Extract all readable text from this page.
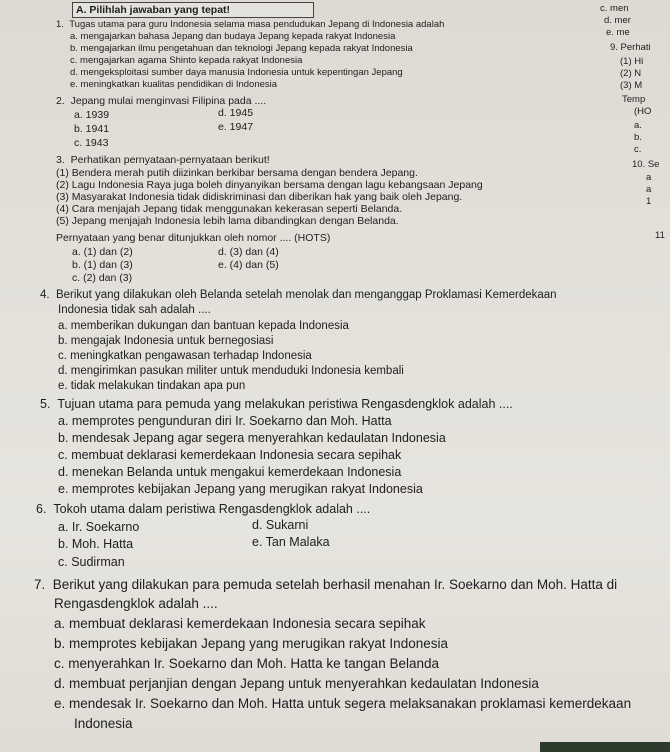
A. Pilihlah jawaban yang tepat!	c. men
d. mer
e. me
9. Perhati
(1) Hi
(2) N
(3) M
Temp
(HO
a.
b.
c.
10. Se
a
a
1
11
1. Tugas utama para guru Indonesia selama masa pendudukan Jepang di Indonesia adalah
a. mengajarkan bahasa Jepang dan budaya Jepang kepada rakyat Indonesia
b. mengajarkan ilmu pengetahuan dan teknologi Jepang kepada rakyat Indonesia
c. mengajarkan agama Shinto kepada rakyat Indonesia
d. mengeksploitasi sumber daya manusia Indonesia untuk kepentingan Jepang
e. meningkatkan kualitas pendidikan di Indonesia
2. Jepang mulai menginvasi Filipina pada ....
a. 1939	d. 1945
b. 1941	e. 1947
c. 1943
3. Perhatikan pernyataan-pernyataan berikut!
(1) Bendera merah putih diizinkan berkibar bersama dengan bendera Jepang.
(2) Lagu Indonesia Raya juga boleh dinyanyikan bersama dengan lagu kebangsaan Jepang
(3) Masyarakat Indonesia tidak didiskriminasi dan diberikan hak yang baik oleh Jepang.
(4) Cara menjajah Jepang tidak menggunakan kekerasan seperti Belanda.
(5) Jepang menjajah Indonesia lebih lama dibandingkan dengan Belanda.
Pernyataan yang benar ditunjukkan oleh nomor .... (HOTS)
a. (1) dan (2)	d. (3) dan (4)
b. (1) dan (3)	e. (4) dan (5)
c. (2) dan (3)
4. Berikut yang dilakukan oleh Belanda setelah menolak dan menganggap Proklamasi Kemerdekaan
Indonesia tidak sah adalah ....
a. memberikan dukungan dan bantuan kepada Indonesia
b. mengajak Indonesia untuk bernegosiasi
c. meningkatkan pengawasan terhadap Indonesia
d. mengirimkan pasukan militer untuk menduduki Indonesia kembali
e. tidak melakukan tindakan apa pun
5. Tujuan utama para pemuda yang melakukan peristiwa Rengasdengklok adalah ....
a. memprotes pengunduran diri Ir. Soekarno dan Moh. Hatta
b. mendesak Jepang agar segera menyerahkan kedaulatan Indonesia
c. membuat deklarasi kemerdekaan Indonesia secara sepihak
d. menekan Belanda untuk mengakui kemerdekaan Indonesia
e. memprotes kebijakan Jepang yang merugikan rakyat Indonesia
6. Tokoh utama dalam peristiwa Rengasdengklok adalah ....
a. Ir. Soekarno	d. Sukarni
b. Moh. Hatta	e. Tan Malaka
c. Sudirman
7. Berikut yang dilakukan para pemuda setelah berhasil menahan Ir. Soekarno dan Moh. Hatta di
Rengasdengklok adalah ....
a. membuat deklarasi kemerdekaan Indonesia secara sepihak
b. memprotes kebijakan Jepang yang merugikan rakyat Indonesia
c. menyerahkan Ir. Soekarno dan Moh. Hatta ke tangan Belanda
d. membuat perjanjian dengan Jepang untuk menyerahkan kedaulatan Indonesia
e. mendesak Ir. Soekarno dan Moh. Hatta untuk segera melaksanakan proklamasi kemerdekaan
Indonesia
